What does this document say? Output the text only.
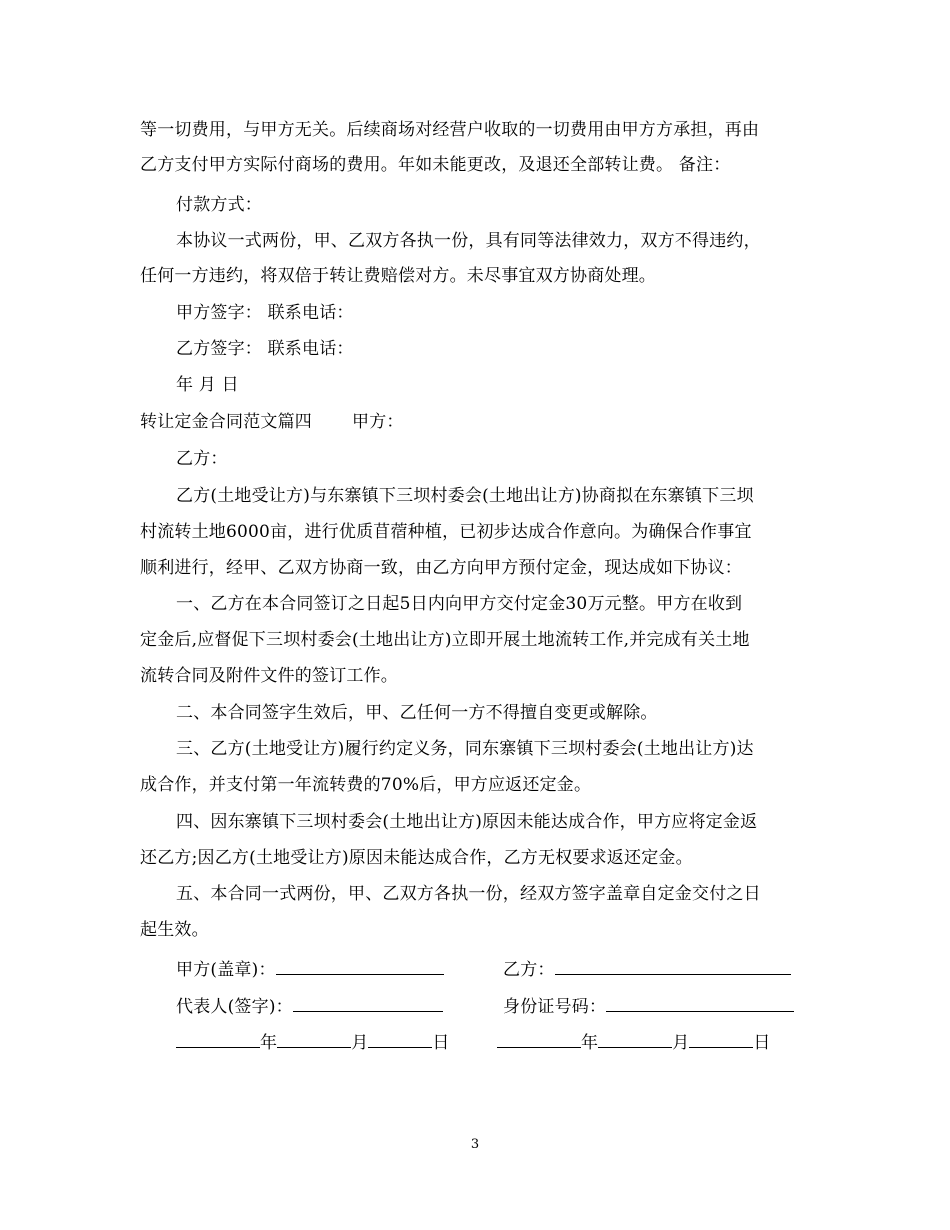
等一切费用，与甲方无关。后续商场对经营户收取的一切费用由甲方方承担，再由
乙方支付甲方实际付商场的费用。年如未能更改，及退还全部转让费。 备注：
付款方式：
本协议一式两份，甲、乙双方各执一份，具有同等法律效力，双方不得违约，
任何一方违约，将双倍于转让费赔偿对方。未尽事宜双方协商处理。
甲方签字： 联系电话：
乙方签字： 联系电话：
年 月 日
转让定金合同范文篇四 甲方：
乙方：
乙方(土地受让方)与东寨镇下三坝村委会(土地出让方)协商拟在东寨镇下三坝
村流转土地6000亩，进行优质苜蓿种植，已初步达成合作意向。为确保合作事宜
顺利进行，经甲、乙双方协商一致，由乙方向甲方预付定金，现达成如下协议：
一、乙方在本合同签订之日起5日内向甲方交付定金30万元整。甲方在收到
定金后,应督促下三坝村委会(土地出让方)立即开展土地流转工作,并完成有关土地
流转合同及附件文件的签订工作。
二、本合同签字生效后，甲、乙任何一方不得擅自变更或解除。
三、乙方(土地受让方)履行约定义务，同东寨镇下三坝村委会(土地出让方)达
成合作，并支付第一年流转费的70%后，甲方应返还定金。
四、因东寨镇下三坝村委会(土地出让方)原因未能达成合作，甲方应将定金返
还乙方;因乙方(土地受让方)原因未能达成合作，乙方无权要求返还定金。
五、本合同一式两份，甲、乙双方各执一份，经双方签字盖章自定金交付之日
起生效。
甲方(盖章)：	乙方：
代表人(签字)：	身份证号码：
年	月	日	年	月	日
3
